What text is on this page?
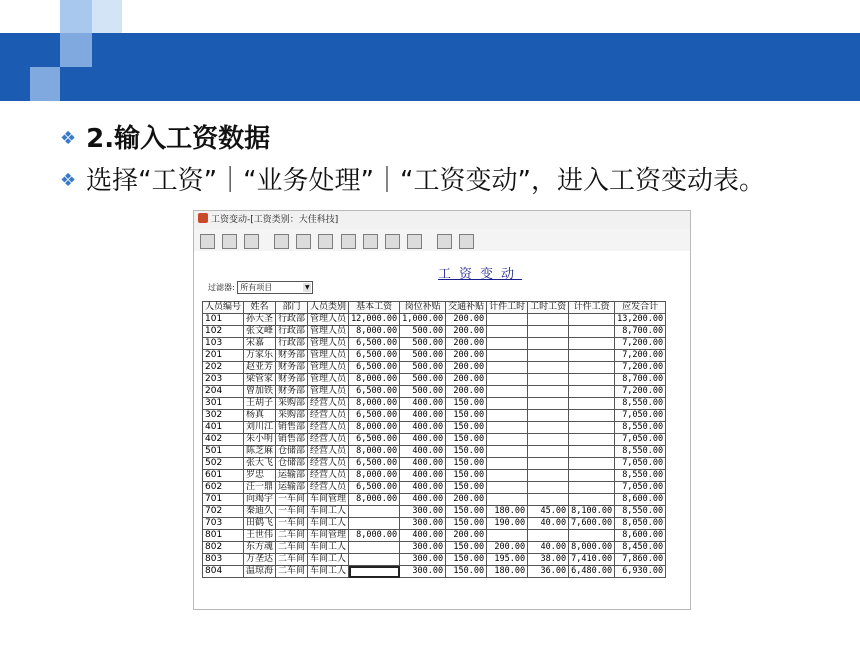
❖ 2.输入工资数据
❖ 选择“工资”｜“业务处理”｜“工资变动”，进入工资变动表。
工资变动-[工资类别：大佳科技]

工资变动
过滤器: 所有项目	▼
人员编号	姓名	部门	人员类别	基本工资	岗位补贴	交通补贴	计件工时	工时工资	计件工资	应发合计
101	孙大圣	行政部	管理人员	12,000.00	1,000.00	200.00				13,200.00
102	张文峰	行政部	管理人员	8,000.00	500.00	200.00				8,700.00
103	宋嘉	行政部	管理人员	6,500.00	500.00	200.00				7,200.00
201	万家乐	财务部	管理人员	6,500.00	500.00	200.00				7,200.00
202	赵亚芳	财务部	管理人员	6,500.00	500.00	200.00				7,200.00
203	梁管家	财务部	管理人员	8,000.00	500.00	200.00				8,700.00
204	曾加铁	财务部	管理人员	6,500.00	500.00	200.00				7,200.00
301	王胡子	采购部	经营人员	8,000.00	400.00	150.00				8,550.00
302	杨真	采购部	经营人员	6,500.00	400.00	150.00				7,050.00
401	刘川江	销售部	经营人员	8,000.00	400.00	150.00				8,550.00
402	朱小明	销售部	经营人员	6,500.00	400.00	150.00				7,050.00
501	陈芝麻	仓储部	经营人员	8,000.00	400.00	150.00				8,550.00
502	张大飞	仓储部	经营人员	6,500.00	400.00	150.00				7,050.00
601	罗忠	运输部	经营人员	8,000.00	400.00	150.00				8,550.00
602	汪一鼎	运输部	经营人员	6,500.00	400.00	150.00				7,050.00
701	向竭宇	一车间	车间管理	8,000.00	400.00	200.00				8,600.00
702	秦迪久	一车间	车间工人		300.00	150.00	180.00	45.00	8,100.00	8,550.00
703	田鹤飞	一车间	车间工人		300.00	150.00	190.00	40.00	7,600.00	8,050.00
801	王世伟	二车间	车间管理	8,000.00	400.00	200.00				8,600.00
802	东方魂	二车间	车间工人		300.00	150.00	200.00	40.00	8,000.00	8,450.00
803	万垄达	二车间	车间工人		300.00	150.00	195.00	38.00	7,410.00	7,860.00
804	温琼海	二车间	车间工人		300.00	150.00	180.00	36.00	6,480.00	6,930.00
